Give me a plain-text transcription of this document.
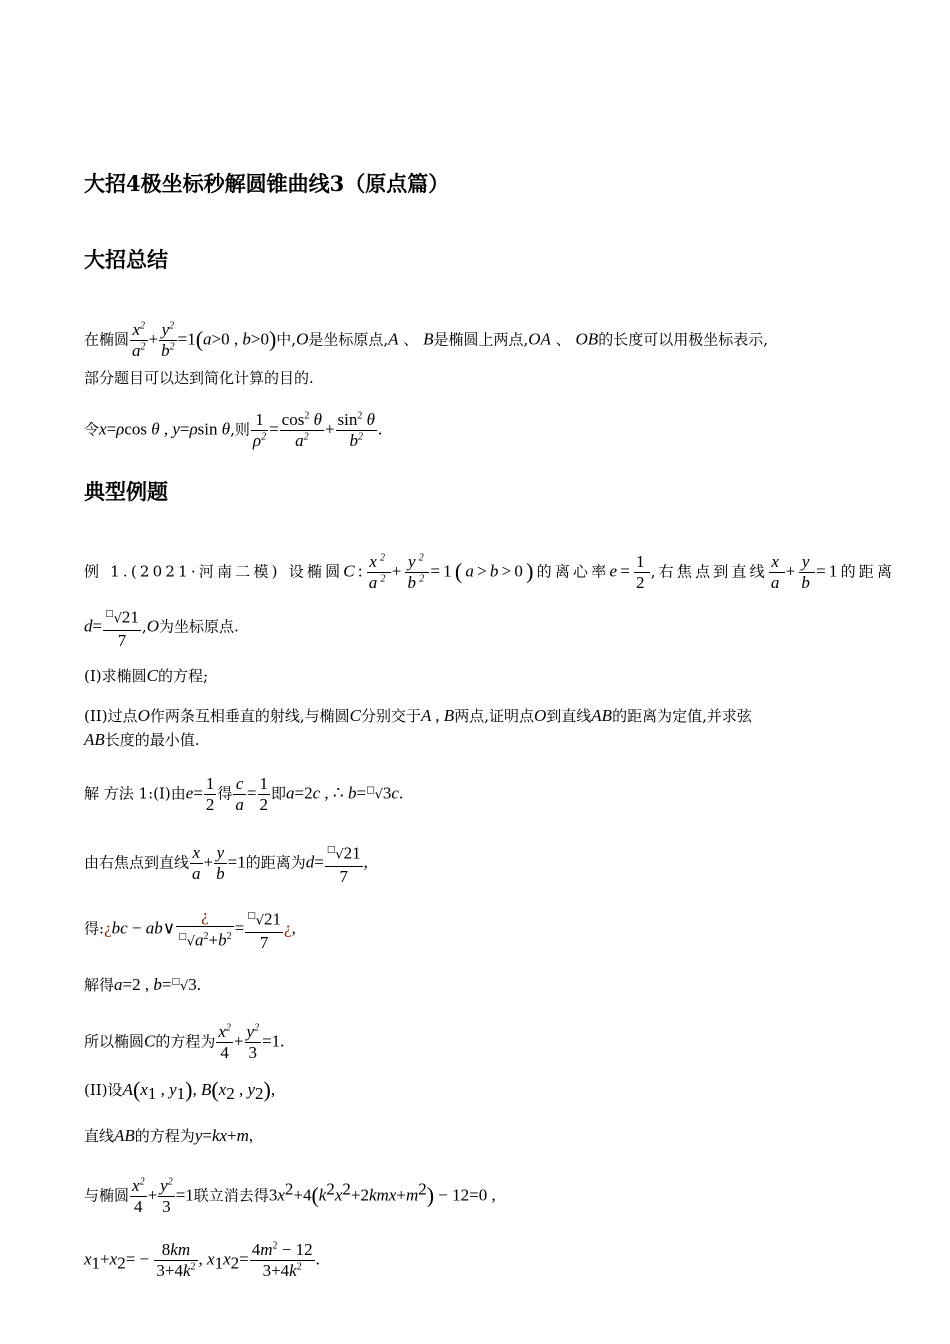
大招4极坐标秒解圆锥曲线3（原点篇）
大招总结
在椭圆 $\frac{x^2}{a^2} + \frac{y^2}{b^2} =1(a>0$ , b>0)中,O是坐标原点,A 、 B是椭圆上两点,OA 、 OB的长度可以用极坐标表示,
部分题目可以达到简化计算的目的.
令x=ρcos θ , y=ρsin θ,则 $\frac{1}{\rho^2} = \frac{\cos^2 \theta}{a^2} + \frac{\sin^2 \theta}{b^2}$ .
典型例题
例 1.(2021·河南二模) 设椭圆C: $\frac{x^2}{a^2} + \frac{y^2}{b^2} =1(a>b>0)$的离心率$e= \frac{1}{2}$ ,右焦点到直线 $\frac{x}{a} + \frac{y}{b} =1$的距离
$d= \frac{^□√21}{7} ,O$为坐标原点.
(I)求椭圆C的方程;
(II)过点O作两条互相垂直的射线,与椭圆C分别交于A , B两点,证明点O到直线AB的距离为定值,并求弦
AB长度的最小值.
解 方法 1:(I)由$e= \frac{1}{2}$ 得 $\frac{c}{a} = \frac{1}{2}$ 即a=2c , ∴ b=□√3c.
由右焦点到直线 $\frac{x}{a} + \frac{y}{b} =1$的距离为$d= \frac{^□√21}{7}$ ,
得:¿bc − ab∨ $\frac{¿}{^□√a^2+b^2} = \frac{^□√21}{7}$ ¿,
解得a=2 , b=□√3.
所以椭圆C的方程为 $\frac{x^2}{4} + \frac{y^2}{3} =1$.
(II)设$A(x_1$ , $y_1$), $B(x_2$ , $y_2$),
直线AB的方程为y=kx+m,
与椭圆 $\frac{x^2}{4} + \frac{y^2}{3} =1$联立消去得$3x^2+4(k^2x^2+2kmx+m^2) - 12=0$ ,
$x_1+x_2= - \frac{8km}{3+4k^2}$ , $x_1x_2= \frac{4m^2 - 12}{3+4k^2}$ .
